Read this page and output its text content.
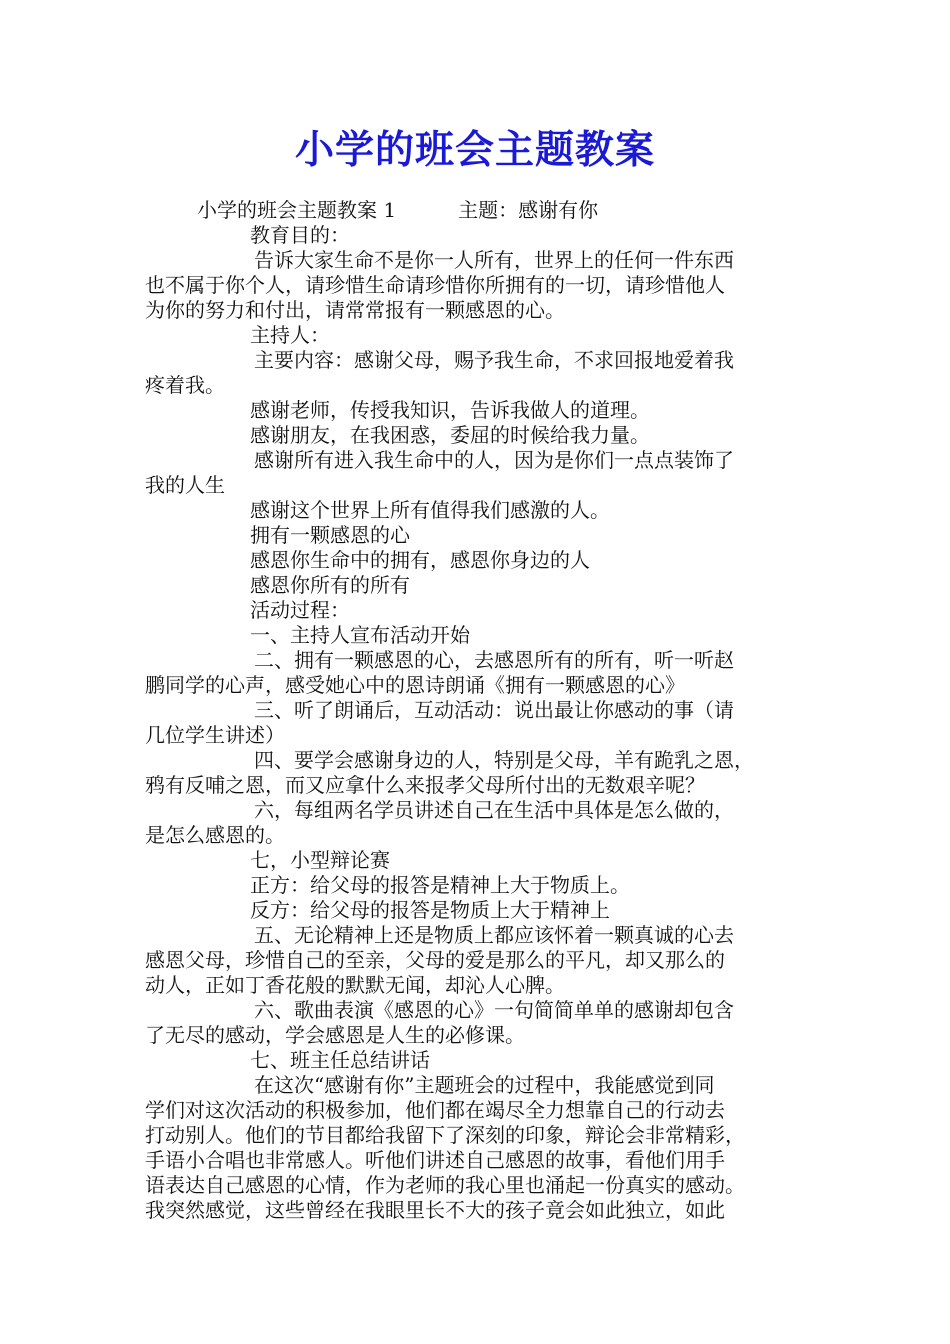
小学的班会主题教案
小学的班会主题教案 1	主题：感谢有你
教育目的：
告诉大家生命不是你一人所有，世界上的任何一件东西
也不属于你个人，请珍惜生命请珍惜你所拥有的一切，请珍惜他人
为你的努力和付出，请常常报有一颗感恩的心。
主持人：
主要内容：感谢父母，赐予我生命，不求回报地爱着我
疼着我。
感谢老师，传授我知识，告诉我做人的道理。
感谢朋友，在我困惑，委屈的时候给我力量。
感谢所有进入我生命中的人，因为是你们一点点装饰了
我的人生
感谢这个世界上所有值得我们感激的人。
拥有一颗感恩的心
感恩你生命中的拥有，感恩你身边的人
感恩你所有的所有
活动过程：
一、主持人宣布活动开始
二、拥有一颗感恩的心，去感恩所有的所有，听一听赵
鹏同学的心声，感受她心中的恩诗朗诵《拥有一颗感恩的心》
三、听了朗诵后，互动活动：说出最让你感动的事（请
几位学生讲述）
四、要学会感谢身边的人，特别是父母，羊有跪乳之恩，
鸦有反哺之恩，而又应拿什么来报孝父母所付出的无数艰辛呢？
六，每组两名学员讲述自己在生活中具体是怎么做的，
是怎么感恩的。
七，小型辩论赛
正方：给父母的报答是精神上大于物质上。
反方：给父母的报答是物质上大于精神上
五、无论精神上还是物质上都应该怀着一颗真诚的心去
感恩父母，珍惜自己的至亲，父母的爱是那么的平凡，却又那么的
动人，正如丁香花般的默默无闻，却沁人心脾。
六、歌曲表演《感恩的心》一句简简单单的感谢却包含
了无尽的感动，学会感恩是人生的必修课。
七、班主任总结讲话
在这次“感谢有你”主题班会的过程中，我能感觉到同
学们对这次活动的积极参加，他们都在竭尽全力想靠自己的行动去
打动别人。他们的节目都给我留下了深刻的印象，辩论会非常精彩，
手语小合唱也非常感人。听他们讲述自己感恩的故事，看他们用手
语表达自己感恩的心情，作为老师的我心里也涌起一份真实的感动。
我突然感觉，这些曾经在我眼里长不大的孩子竟会如此独立，如此
